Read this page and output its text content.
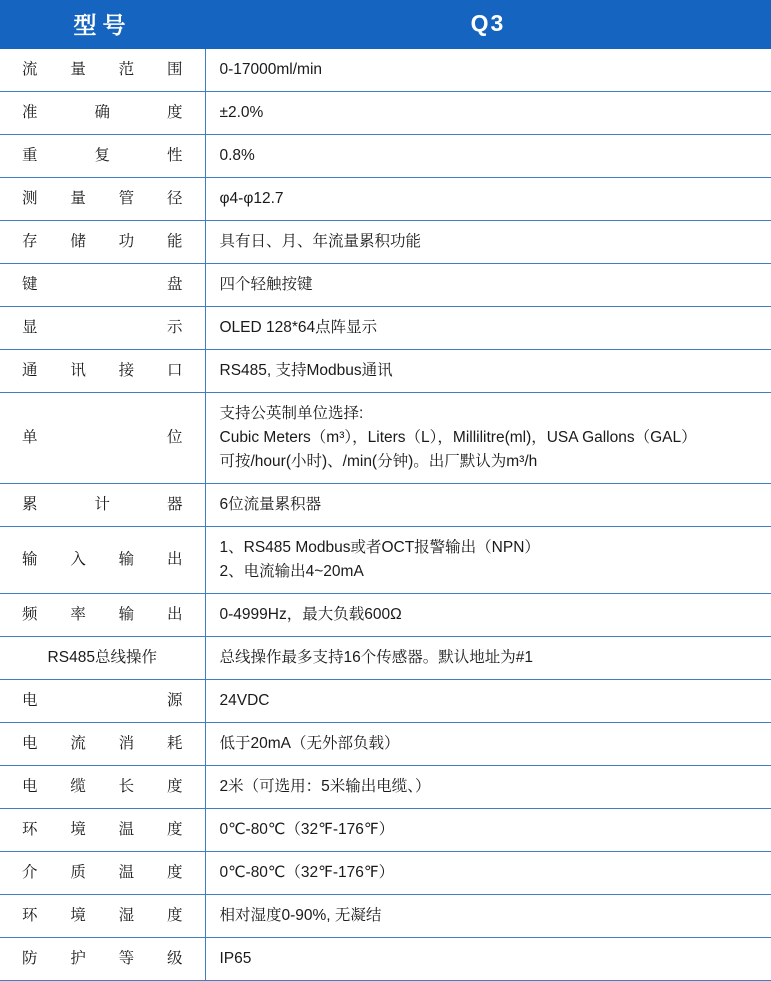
型号	Q3
流量范围	0-17000ml/min

准确度	±2.0%

重复性	0.8%

测量管径	φ4-φ12.7

存储功能	具有日、月、年流量累积功能

键盘	四个轻触按键

显示	OLED 128*64点阵显示

通讯接口	RS485, 支持Modbus通讯

单位	支持公英制单位选择:
Cubic Meters（m³），Liters（L），Millilitre(ml)，USA Gallons（GAL）
可按/hour(小时)、/min(分钟)。出厂默认为m³/h

累计器	6位流量累积器

输入输出	1、RS485 Modbus或者OCT报警输出（NPN）
2、电流输出4~20mA

频率输出	0-4999Hz，最大负载600Ω

RS485总线操作	总线操作最多支持16个传感器。默认地址为#1

电源	24VDC

电流消耗	低于20mA（无外部负载）

电缆长度	2米（可选用：5米输出电缆、）

环境温度	0℃-80℃（32℉-176℉）

介质温度	0℃-80℃（32℉-176℉）

环境湿度	相对湿度0-90%, 无凝结

防护等级	IP65
